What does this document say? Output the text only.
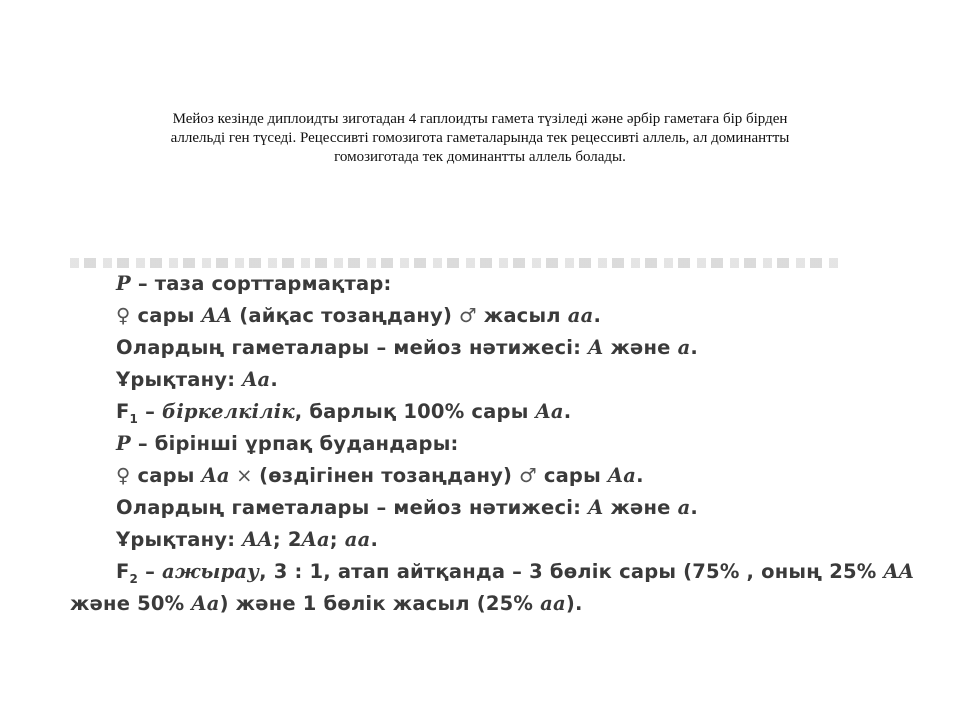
Мейоз кезінде диплоидты зиготадан 4 гаплоидты гамета түзіледі және әрбір гаметаға бір бірден
аллельді ген түседі. Рецессивті гомозигота гаметаларында тек рецессивті аллель, ал доминантты
гомозиготада тек доминантты аллель болады.
P – таза сорттармақтар:
♀ сары AA (айқас тозаңдану) ♂ жасыл aa.
Олардың гаметалары – мейоз нәтижесі: A және a.
Ұрықтану: Aa.
$F_1$ – біркелкілік, барлық 100% сары Aa.
P – бірінші ұрпақ будандары:
♀ сары Aa × (өздігінен тозаңдану) ♂ сары Aa.
Олардың гаметалары – мейоз нәтижесі: A және a.
Ұрықтану: AA; 2Aa; aa.
$F_2$ – ажырау, 3 : 1, атап айтқанда – 3 бөлік сары (75% , оның 25% AA
және 50% Aa) және 1 бөлік жасыл (25% aa).
